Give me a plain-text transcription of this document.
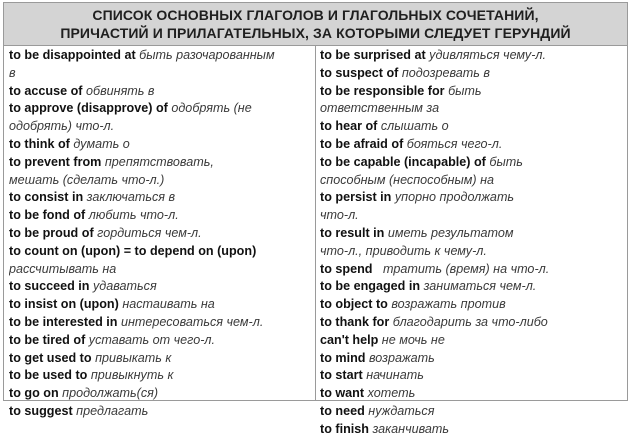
СПИСОК ОСНОВНЫХ ГЛАГОЛОВ И ГЛАГОЛЬНЫХ СОЧЕТАНИЙ,
ПРИЧАСТИЙ И ПРИЛАГАТЕЛЬНЫХ, ЗА КОТОРЫМИ СЛЕДУЕТ ГЕРУНДИЙ
to be disappointed at быть разочарованным
в
to accuse of обвинять в
to approve (disapprove) of одобрять (не
одобрять) что-л.
to think of думать о
to prevent from препятствовать,
мешать (сделать что-л.)
to consist in заключаться в
to be fond of любить что-л.
to be proud of гордиться чем-л.
to count on (upon) = to depend on (upon)
рассчитывать на
to succeed in удаваться
to insist on (upon) настаивать на
to be interested in интересоваться чем-л.
to be tired of уставать от чего-л.
to get used to привыкать к
to be used to привыкнуть к
to go on продолжать(ся)
to suggest предлагать
to be surprised at удивляться чему-л.
to suspect of подозревать в
to be responsible for быть
ответственным за
to hear of слышать о
to be afraid of бояться чего-л.
to be capable (incapable) of быть
способным (неспособным) на
to persist in упорно продолжать
что-л.
to result in иметь результатом
что-л., приводить к чему-л.
to spend   тратить (время) на что-л.
to be engaged in заниматься чем-л.
to object to возражать против
to thank for благодарить за что-либо
can't help не мочь не
to mind возражать
to start начинать
to want хотеть
to need нуждаться
to finish заканчивать
